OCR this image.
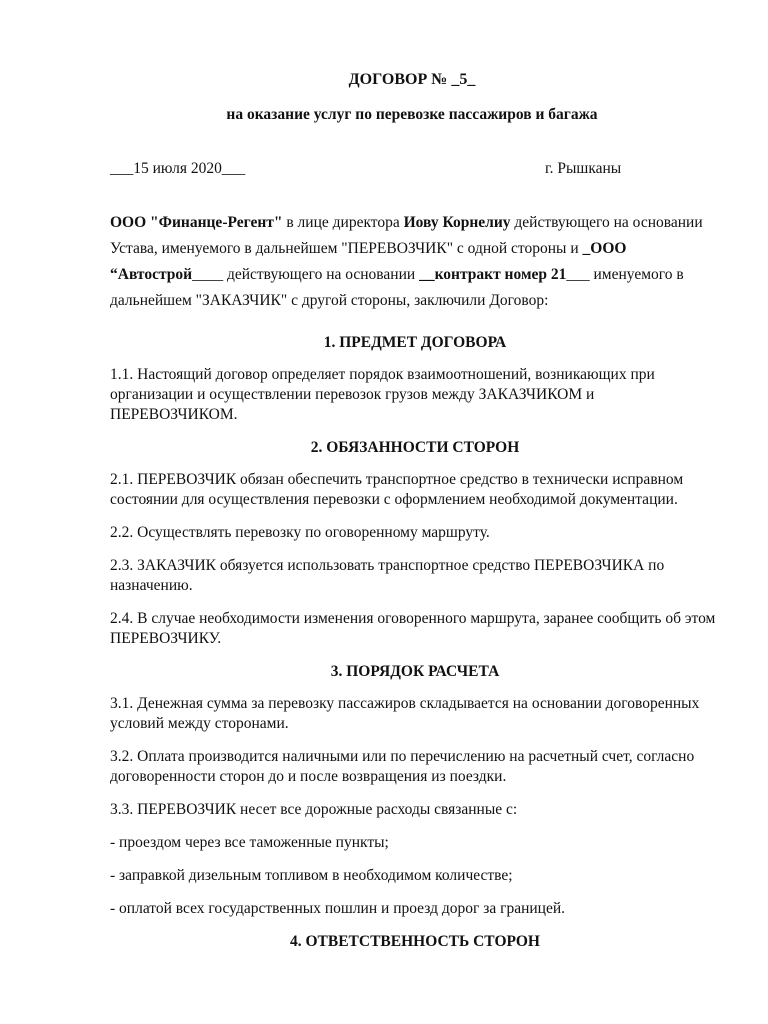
ДОГОВОР № _5_
на оказание услуг по перевозке пассажиров и багажа
___15 июля 2020___	г. Рышканы
ООО "Финанце-Регент" в лице директора Иову Корнелиу действующего на основании Устава, именуемого в дальнейшем "ПЕРЕВОЗЧИК" с одной стороны и _ООО “Автострой____ действующего на основании __контракт номер 21___ именуемого в дальнейшем "ЗАКАЗЧИК" с другой стороны, заключили Договор:
1. ПРЕДМЕТ ДОГОВОРА
1.1. Настоящий договор определяет порядок взаимоотношений, возникающих при организации и осуществлении перевозок грузов между ЗАКАЗЧИКОМ и ПЕРЕВОЗЧИКОМ.
2. ОБЯЗАННОСТИ СТОРОН
2.1. ПЕРЕВОЗЧИК обязан обеспечить транспортное средство в технически исправном состоянии для осуществления перевозки с оформлением необходимой документации.
2.2. Осуществлять перевозку по оговоренному маршруту.
2.3. ЗАКАЗЧИК обязуется использовать транспортное средство ПЕРЕВОЗЧИКА по назначению.
2.4. В случае необходимости изменения оговоренного маршрута, заранее сообщить об этом ПЕРЕВОЗЧИКУ.
3. ПОРЯДОК РАСЧЕТА
3.1. Денежная сумма за перевозку пассажиров складывается на основании договоренных условий между сторонами.
3.2. Оплата производится наличными или по перечислению на расчетный счет, согласно договоренности сторон до и после возвращения из поездки.
3.3. ПЕРЕВОЗЧИК несет все дорожные расходы связанные с:
- проездом через все таможенные пункты;
- заправкой дизельным топливом в необходимом количестве;
- оплатой всех государственных пошлин и проезд дорог за границей.
4. ОТВЕТСТВЕННОСТЬ СТОРОН
